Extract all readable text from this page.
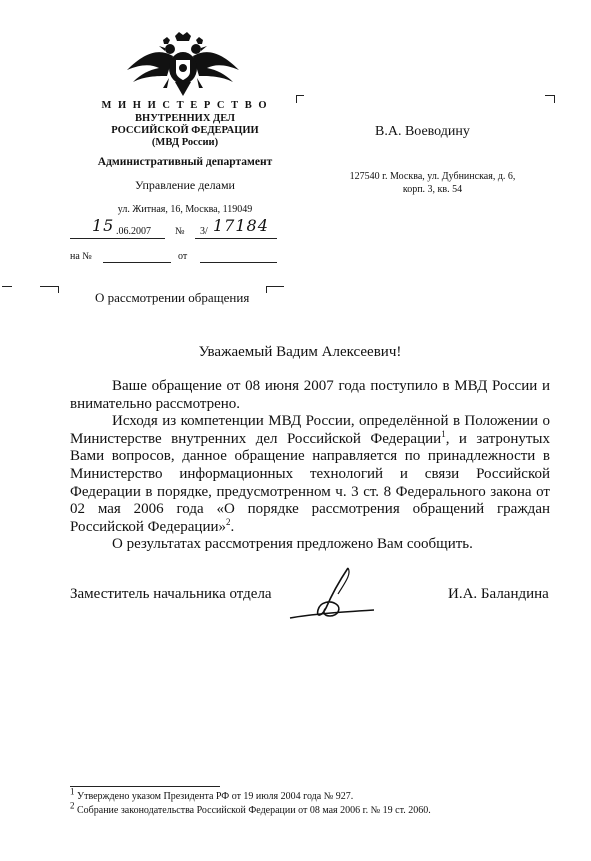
М И Н И С Т Е Р С Т В О
ВНУТРЕННИХ ДЕЛ
РОССИЙСКОЙ ФЕДЕРАЦИИ
(МВД России)
Административный департамент
Управление делами
ул. Житная, 16, Москва, 119049
15 .06.2007 № 3/ 17184
на №	от
В.А. Воеводину
127540 г. Москва, ул. Дубнинская, д. 6,
корп. 3, кв. 54
О рассмотрении обращения
Уважаемый Вадим Алексеевич!

Ваше обращение от 08 июня 2007 года поступило в МВД России и внимательно рассмотрено.

Исходя из компетенции МВД России, определённой в Положении о Министерстве внутренних дел Российской Федерации$^1$, и затронутых Вами вопросов, данное обращение направляется по принадлежности в Министерство информационных технологий и связи Российской Федерации в порядке, предусмотренном ч. 3 ст. 8 Федерального закона от 02 мая 2006 года «О порядке рассмотрения обращений граждан Российской Федерации»$^2$.

О результатах рассмотрения предложено Вам сообщить.

Заместитель начальника отдела	И.А. Баландина
$^1$ Утверждено указом Президента РФ от 19 июля 2004 года № 927.
$^2$ Собрание законодательства Российской Федерации от 08 мая 2006 г. № 19 ст. 2060.
